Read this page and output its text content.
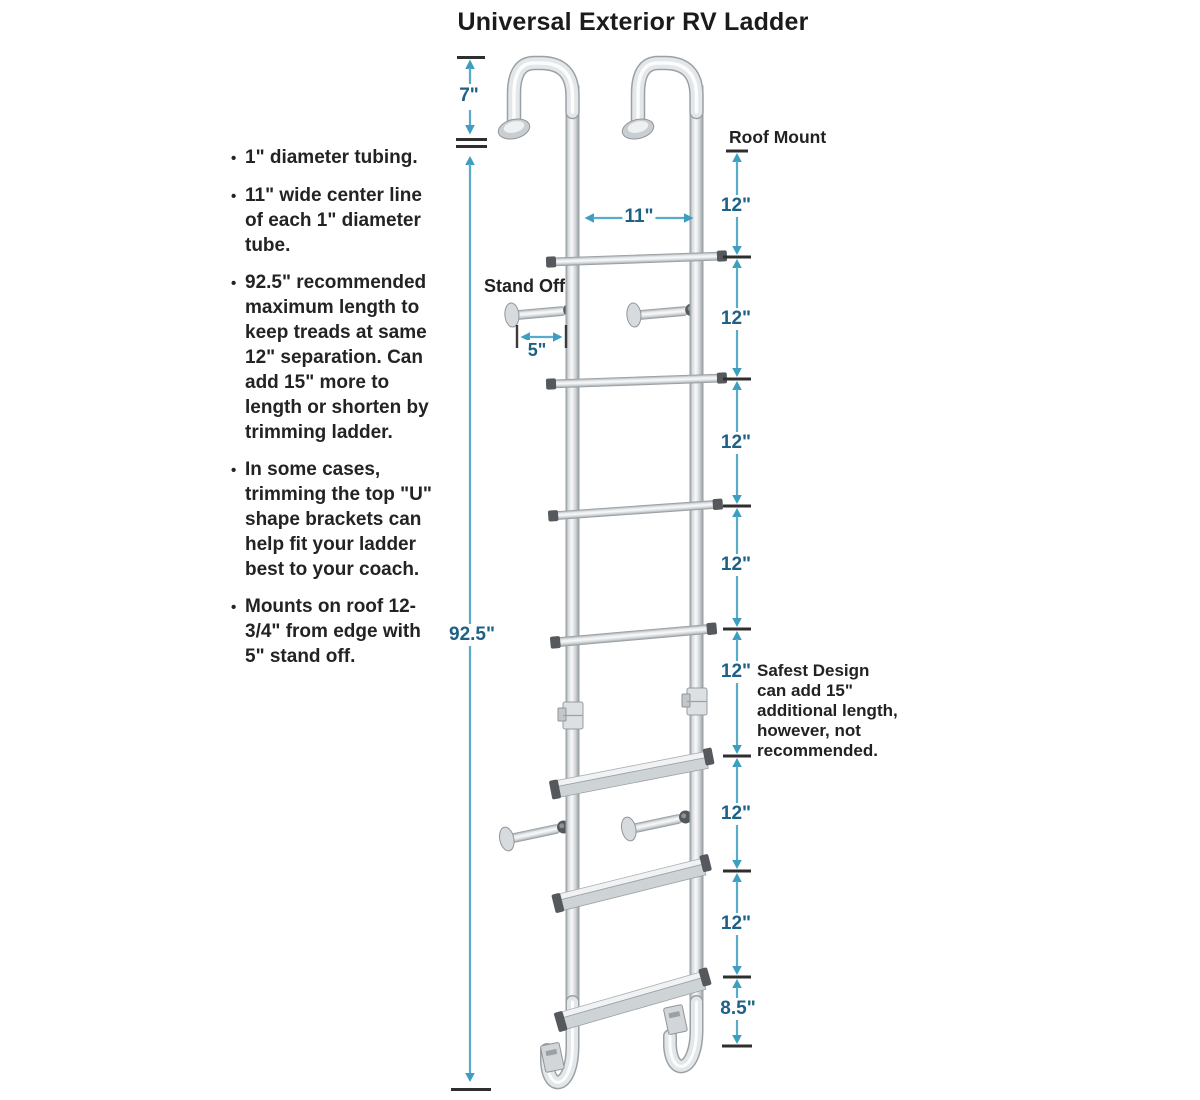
Universal Exterior RV Ladder
• 1" diameter tubing.
• 11" wide center line of each 1" diameter tube.
• 92.5" recommended maximum length to keep treads at same 12" separation. Can add 15" more to length or shorten by trimming ladder.
• In some cases, trimming the top "U" shape brackets can help fit your ladder best to your coach.
• Mounts on roof 12-3/4" from edge with 5" stand off.
Roof Mount
Stand Off
7"
92.5"
11"
5"
12"
12"
12"
12"
12"
12"
12"
8.5"
Safest Design can add 15" additional length, however, not recommended.
